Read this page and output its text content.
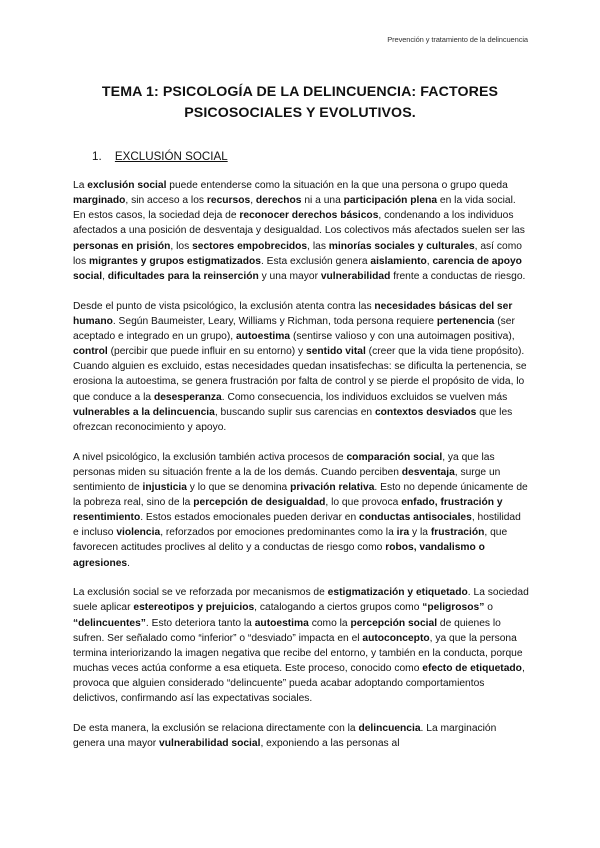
Prevención y tratamiento de la delincuencia
TEMA 1: PSICOLOGÍA DE LA DELINCUENCIA: FACTORES
PSICOSOCIALES Y EVOLUTIVOS.
1. EXCLUSIÓN SOCIAL

La exclusión social puede entenderse como la situación en la que una persona o grupo queda marginado, sin acceso a los recursos, derechos ni a una participación plena en la vida social. En estos casos, la sociedad deja de reconocer derechos básicos, condenando a los individuos afectados a una posición de desventaja y desigualdad. Los colectivos más afectados suelen ser las personas en prisión, los sectores empobrecidos, las minorías sociales y culturales, así como los migrantes y grupos estigmatizados. Esta exclusión genera aislamiento, carencia de apoyo social, dificultades para la reinserción y una mayor vulnerabilidad frente a conductas de riesgo.

Desde el punto de vista psicológico, la exclusión atenta contra las necesidades básicas del ser humano. Según Baumeister, Leary, Williams y Richman, toda persona requiere pertenencia (ser aceptado e integrado en un grupo), autoestima (sentirse valioso y con una autoimagen positiva), control (percibir que puede influir en su entorno) y sentido vital (creer que la vida tiene propósito). Cuando alguien es excluido, estas necesidades quedan insatisfechas: se dificulta la pertenencia, se erosiona la autoestima, se genera frustración por falta de control y se pierde el propósito de vida, lo que conduce a la desesperanza. Como consecuencia, los individuos excluidos se vuelven más vulnerables a la delincuencia, buscando suplir sus carencias en contextos desviados que les ofrezcan reconocimiento y apoyo.

A nivel psicológico, la exclusión también activa procesos de comparación social, ya que las personas miden su situación frente a la de los demás. Cuando perciben desventaja, surge un sentimiento de injusticia y lo que se denomina privación relativa. Esto no depende únicamente de la pobreza real, sino de la percepción de desigualdad, lo que provoca enfado, frustración y resentimiento. Estos estados emocionales pueden derivar en conductas antisociales, hostilidad e incluso violencia, reforzados por emociones predominantes como la ira y la frustración, que favorecen actitudes proclives al delito y a conductas de riesgo como robos, vandalismo o agresiones.

La exclusión social se ve reforzada por mecanismos de estigmatización y etiquetado. La sociedad suele aplicar estereotipos y prejuicios, catalogando a ciertos grupos como “peligrosos” o “delincuentes”. Esto deteriora tanto la autoestima como la percepción social de quienes lo sufren. Ser señalado como “inferior” o “desviado” impacta en el autoconcepto, ya que la persona termina interiorizando la imagen negativa que recibe del entorno, y también en la conducta, porque muchas veces actúa conforme a esa etiqueta. Este proceso, conocido como efecto de etiquetado, provoca que alguien considerado “delincuente” pueda acabar adoptando comportamientos delictivos, confirmando así las expectativas sociales.

De esta manera, la exclusión se relaciona directamente con la delincuencia. La marginación genera una mayor vulnerabilidad social, exponiendo a las personas al
